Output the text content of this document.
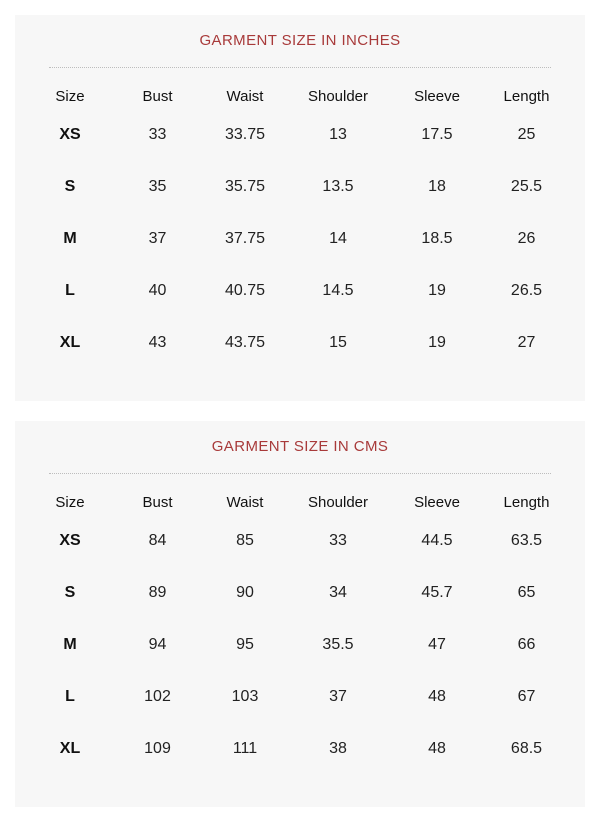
GARMENT SIZE IN INCHES
Size	Bust	Waist	Shoulder	Sleeve	Length
XS	33	33.75	13	17.5	25
S	35	35.75	13.5	18	25.5
M	37	37.75	14	18.5	26
L	40	40.75	14.5	19	26.5
XL	43	43.75	15	19	27
GARMENT SIZE IN CMS
Size	Bust	Waist	Shoulder	Sleeve	Length
XS	84	85	33	44.5	63.5
S	89	90	34	45.7	65
M	94	95	35.5	47	66
L	102	103	37	48	67
XL	109	111	38	48	68.5
